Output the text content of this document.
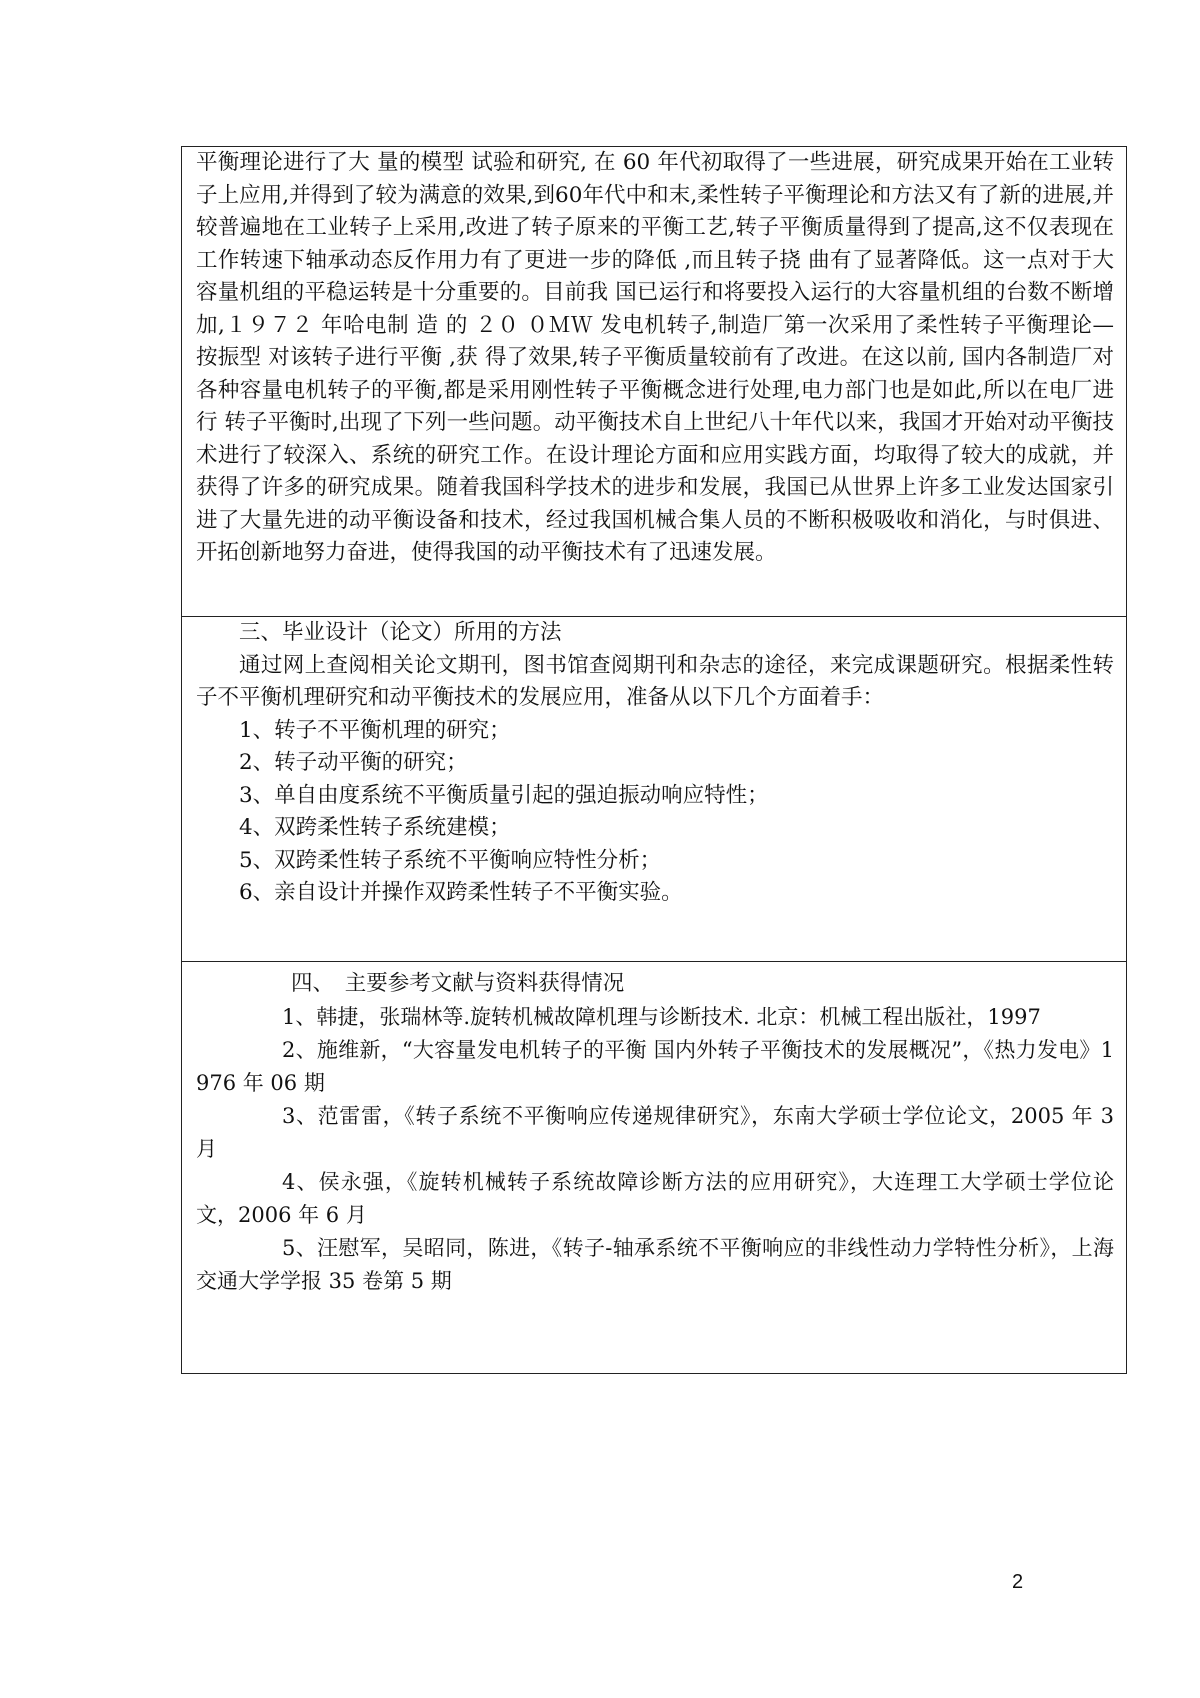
平衡理论进行了大 量的模型 试验和研究, 在 60 年代初取得了一些进展，研究成果开始在工业转子上应用,并得到了较为满意的效果,到60年代中和末,柔性转子平衡理论和方法又有了新的进展,并较普遍地在工业转子上采用,改进了转子原来的平衡工艺,转子平衡质量得到了提高,这不仅表现在工作转速下轴承动态反作用力有了更进一步的降低 ,而且转子挠 曲有了显著降低。这一点对于大容量机组的平稳运转是十分重要的。目前我 国已运行和将要投入运行的大容量机组的台数不断增加,１９７２ 年哈电制 造 的 ２０ ０ＭＷ 发电机转子,制造厂第一次采用了柔性转子平衡理论— 按振型 对该转子进行平衡 ,获 得了效果,转子平衡质量较前有了改进。在这以前, 国内各制造厂对各种容量电机转子的平衡,都是采用刚性转子平衡概念进行处理,电力部门也是如此,所以在电厂进行 转子平衡时,出现了下列一些问题。动平衡技术自上世纪八十年代以来，我国才开始对动平衡技术进行了较深入、系统的研究工作。在设计理论方面和应用实践方面，均取得了较大的成就，并获得了许多的研究成果。随着我国科学技术的进步和发展，我国已从世界上许多工业发达国家引进了大量先进的动平衡设备和技术，经过我国机械合集人员的不断积极吸收和消化，与时俱进、开拓创新地努力奋进，使得我国的动平衡技术有了迅速发展。

三、毕业设计（论文）所用的方法

通过网上查阅相关论文期刊，图书馆查阅期刊和杂志的途径，来完成课题研究。根据柔性转子不平衡机理研究和动平衡技术的发展应用，准备从以下几个方面着手：

1、转子不平衡机理的研究；

2、转子动平衡的研究；

3、单自由度系统不平衡质量引起的强迫振动响应特性；

4、双跨柔性转子系统建模；

5、双跨柔性转子系统不平衡响应特性分析；

6、亲自设计并操作双跨柔性转子不平衡实验。

四、　主要参考文献与资料获得情况

1、韩捷，张瑞林等.旋转机械故障机理与诊断技术. 北京：机械工程出版社，1997

2、施维新，“大容量发电机转子的平衡 国内外转子平衡技术的发展概况”，《热力发电》1976 年 06 期

3、范雷雷，《转子系统不平衡响应传递规律研究》，东南大学硕士学位论文，2005 年 3 月

4、侯永强，《旋转机械转子系统故障诊断方法的应用研究》，大连理工大学硕士学位论文，2006 年 6 月

5、汪慰军，吴昭同，陈进，《转子-轴承系统不平衡响应的非线性动力学特性分析》，上海交通大学学报 35 卷第 5 期

2
